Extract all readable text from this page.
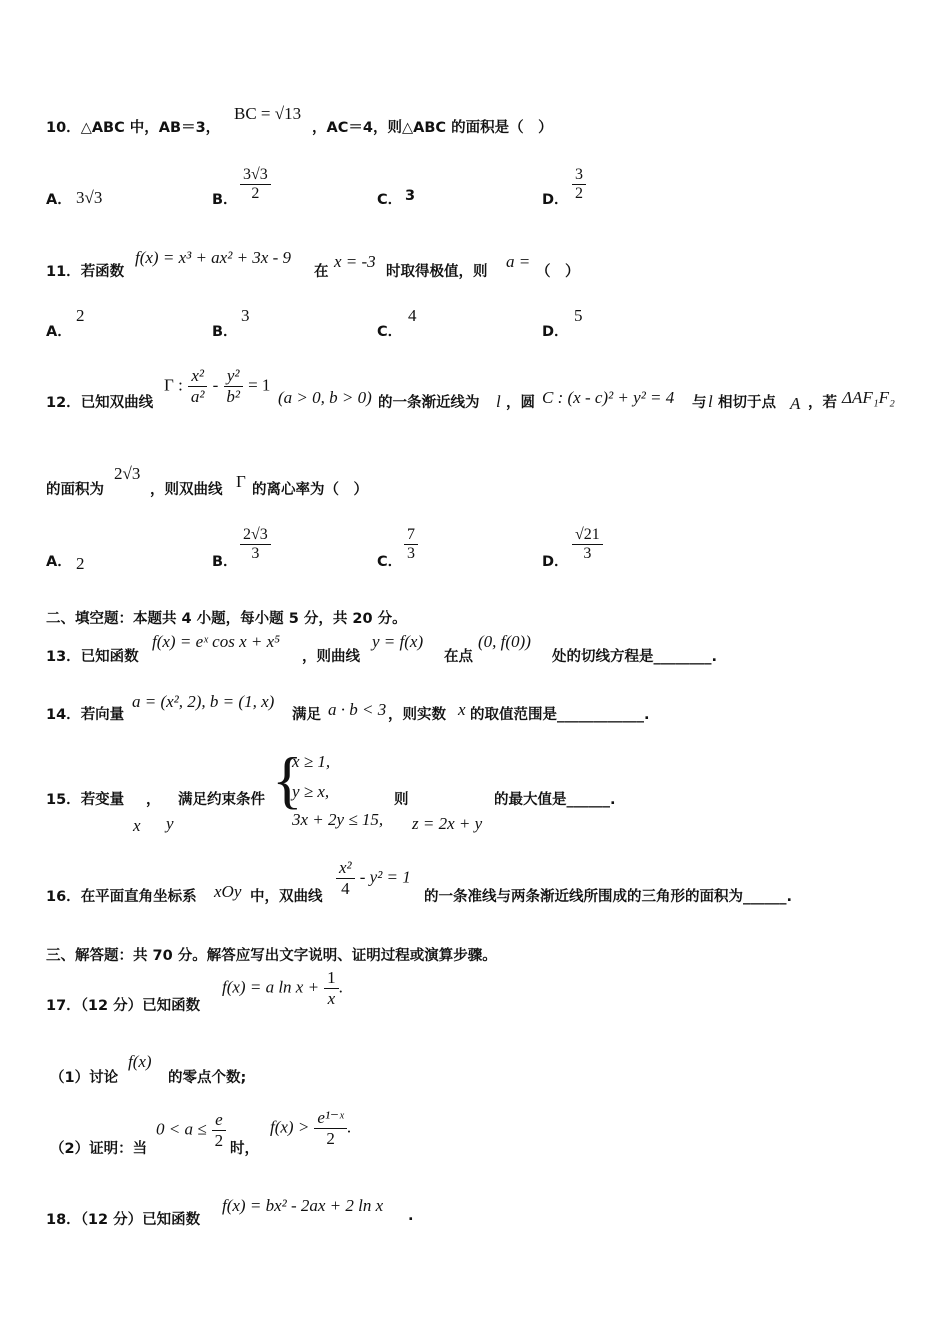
10．△ABC 中，AB＝3，
BC = √13
，AC＝4，则△ABC 的面积是（　）
A． 3√3	B． $\frac{3√3}{2}$	C． 3	D． $\frac{3}{2}$
11．若函数
f(x) = x³ + ax² + 3x - 9
在
x = -3
时取得极值，则
a =
（　）
A．
2
B．
3
C．
4
D．
5
12．已知双曲线
Γ : $\frac{\text{x²}}{\text{a²}} - \frac{\text{y²}}{\text{b²}} = 1$
(a > 0, b > 0) 的一条渐近线为 l ，圆 C : (x - c)² + y² = 4 与 l 相切于点 A ，若 ΔAF₁F₂
的面积为
2√3
，则双曲线 Γ 的离心率为（　）
A． 2	B． $\frac{2√3}{3}$	C． $\frac{7}{3}$	D． $\frac{√21}{3}$
二、填空题：本题共 4 小题，每小题 5 分，共 20 分。
13．已知函数
f(x) = eˣ cos x + x⁵
，则曲线
y = f(x)
在点
(0, f(0))
处的切线方程是________.
14．若向量
a = (x², 2), b = (1, x)
满足 a · b < 3 ，则实数 x 的取值范围是____________.
15．若变量 ， 满足约束条件
x y
{
x ≥ 1,
y ≥ x,
3x + 2y ≤ 15,
则
z = 2x + y
的最大值是______.
16．在平面直角坐标系 xOy 中，双曲线 $\frac{\text{x²}}{4} - y^2 = 1$
的一条准线与两条渐近线所围成的三角形的面积为______.
三、解答题：共 70 分。解答应写出文字说明、证明过程或演算步骤。
17．（12 分）已知函数
f(x) = a $\ln x + \frac{1}{x}$ .
（1）讨论
f(x)
的零点个数;
（2）证明：当
$0 < a \le \frac{e}{2}$ 时，
$f(x) > \frac{\text{e¹⁻ˣ}}{2}$ .
18．（12 分）已知函数
f(x) = bx² - 2ax + 2 ln x
.
